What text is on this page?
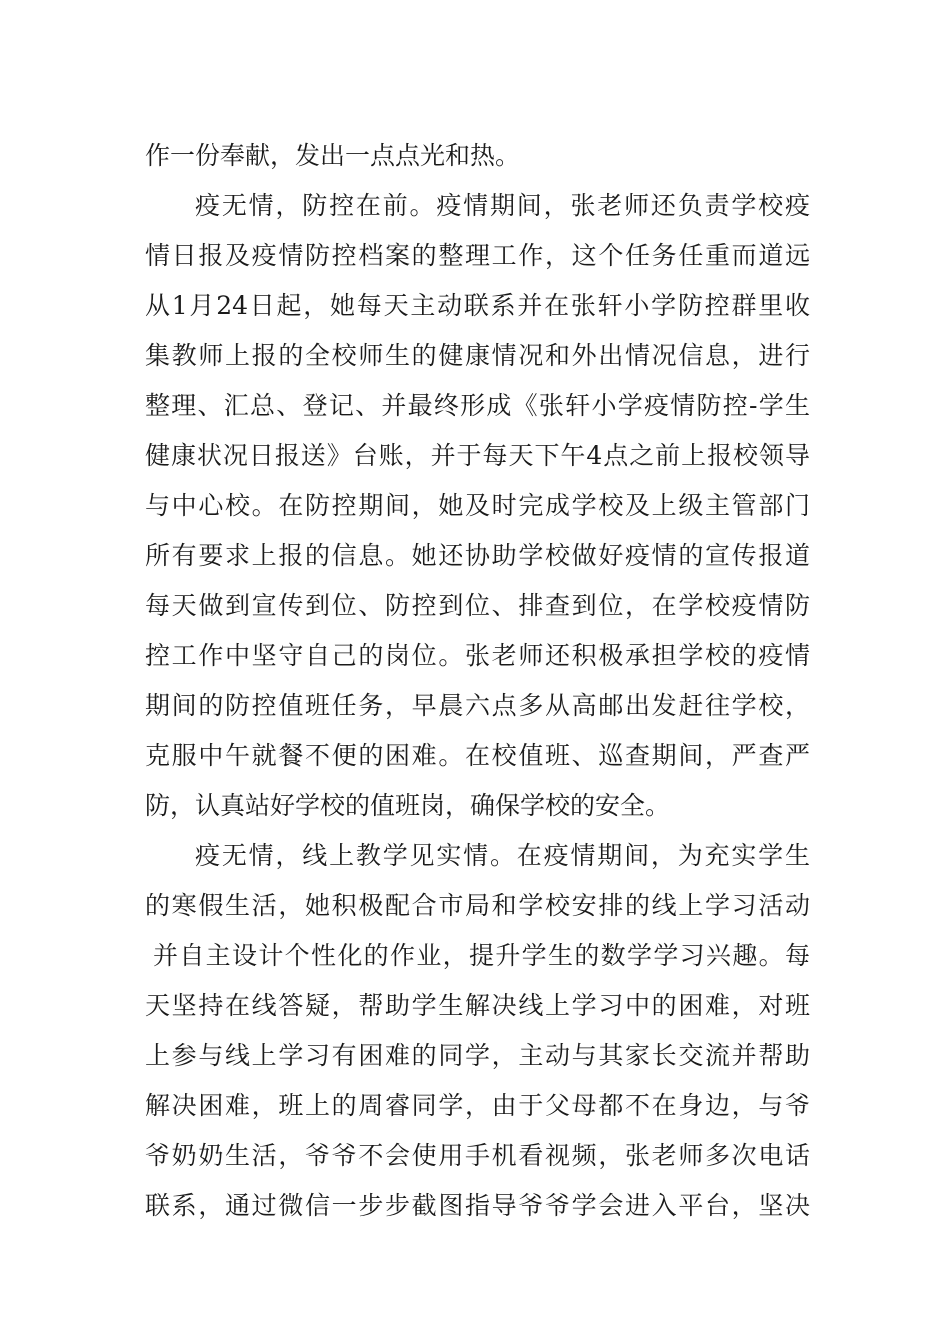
作一份奉献，发出一点点光和热。
疫无情，防控在前。疫情期间，张老师还负责学校疫
情日报及疫情防控档案的整理工作，这个任务任重而道远
从1月24日起，她每天主动联系并在张轩小学防控群里收
集教师上报的全校师生的健康情况和外出情况信息，进行
整理、汇总、登记、并最终形成《张轩小学疫情防控-学生
健康状况日报送》台账，并于每天下午4点之前上报校领导
与中心校。在防控期间，她及时完成学校及上级主管部门
所有要求上报的信息。她还协助学校做好疫情的宣传报道
每天做到宣传到位、防控到位、排查到位，在学校疫情防
控工作中坚守自己的岗位。张老师还积极承担学校的疫情
期间的防控值班任务，早晨六点多从高邮出发赶往学校，
克服中午就餐不便的困难。在校值班、巡查期间，严查严
防，认真站好学校的值班岗，确保学校的安全。
疫无情，线上教学见实情。在疫情期间，为充实学生
的寒假生活，她积极配合市局和学校安排的线上学习活动
并自主设计个性化的作业，提升学生的数学学习兴趣。每
天坚持在线答疑，帮助学生解决线上学习中的困难，对班
上参与线上学习有困难的同学，主动与其家长交流并帮助
解决困难，班上的周睿同学，由于父母都不在身边，与爷
爷奶奶生活，爷爷不会使用手机看视频，张老师多次电话
联系，通过微信一步步截图指导爷爷学会进入平台，坚决
